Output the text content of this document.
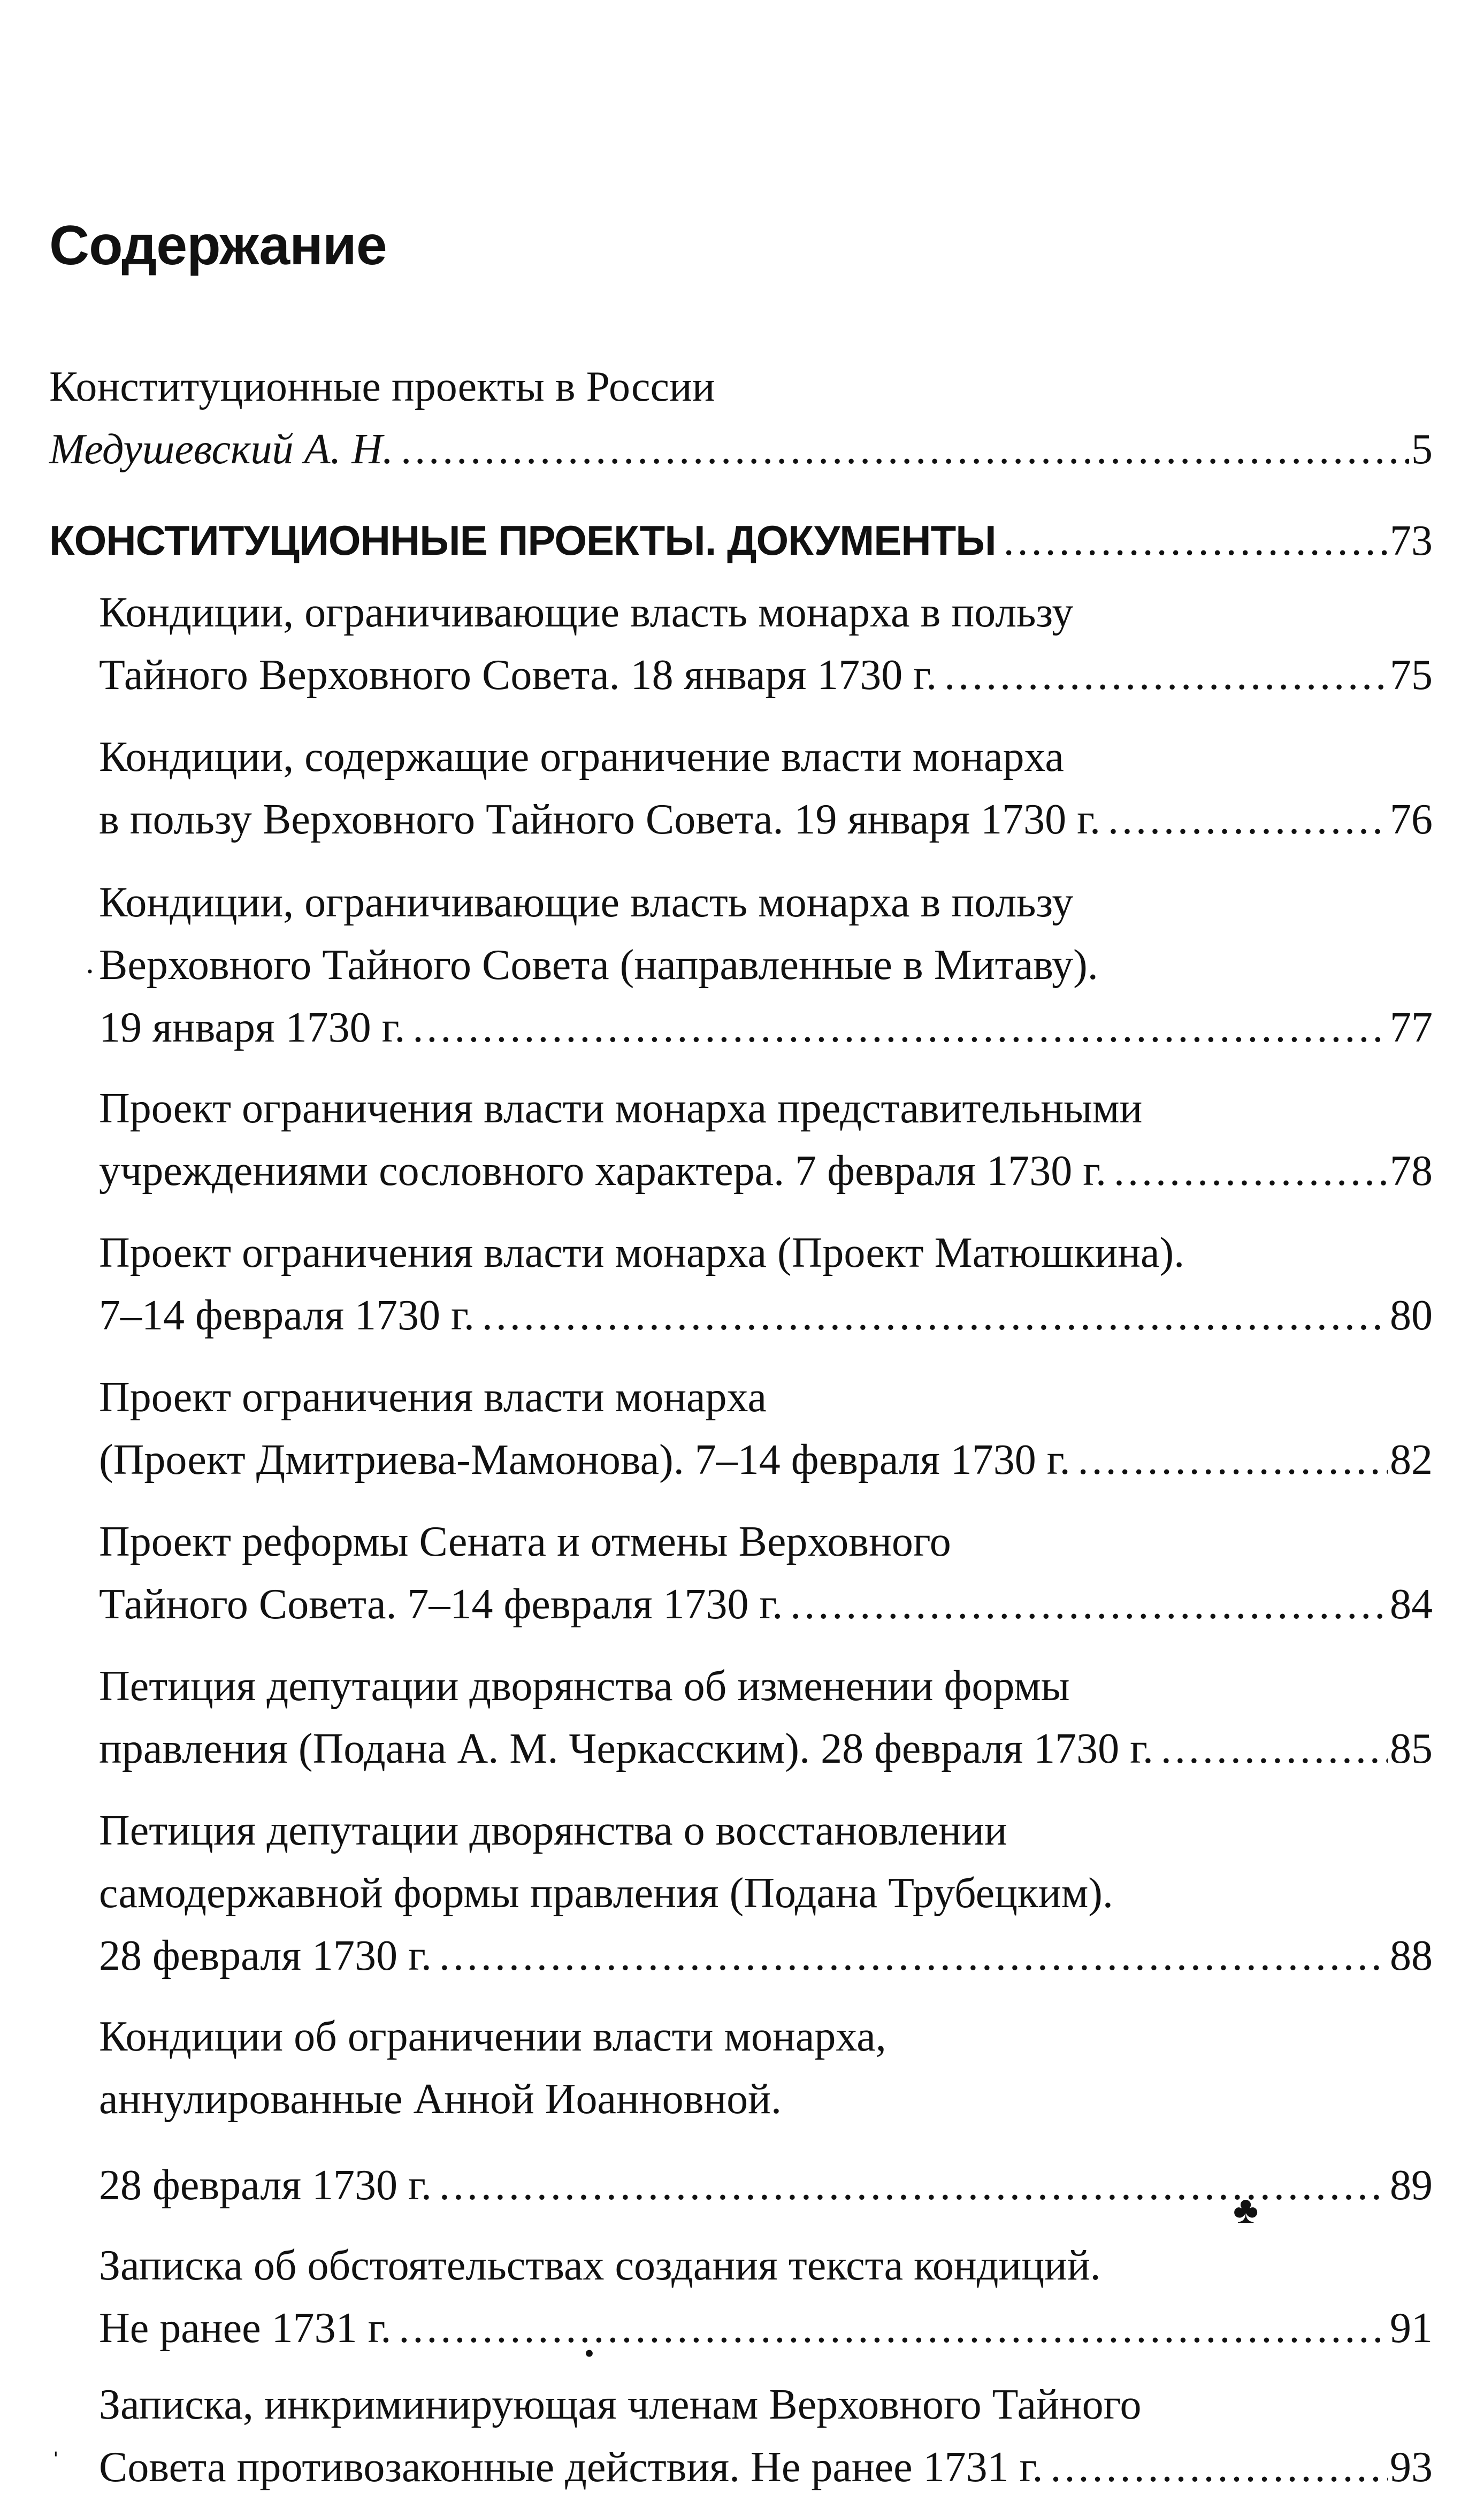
Содержание
Конституционные проекты в России
Медушевский А. Н. .....	5
КОНСТИТУЦИОННЫЕ ПРОЕКТЫ. ДОКУМЕНТЫ .....	73
Кондиции, ограничивающие власть монарха в пользу
Тайного Верховного Совета. 18 января 1730 г. .....	75
Кондиции, содержащие ограничение власти монарха
в пользу Верховного Тайного Совета. 19 января 1730 г. .....	76
Кондиции, ограничивающие власть монарха в пользу
Верховного Тайного Совета (направленные в Митаву).
19 января 1730 г. .....	77
·
Проект ограничения власти монарха представительными
учреждениями сословного характера. 7 февраля 1730 г. .....	78
Проект ограничения власти монарха (Проект Матюшкина).
7–14 февраля 1730 г. .....	80
Проект ограничения власти монарха
(Проект Дмитриева-Мамонова). 7–14 февраля 1730 г. .....	82
Проект реформы Сената и отмены Верховного
Тайного Совета. 7–14 февраля 1730 г. .....	84
Петиция депутации дворянства об изменении формы
правления (Подана А. М. Черкасским). 28 февраля 1730 г. .....	85
Петиция депутации дворянства о восстановлении
самодержавной формы правления (Подана Трубецким).
28 февраля 1730 г. .....	88
Кондиции об ограничении власти монарха,
аннулированные Анной Иоанновной.
28 февраля 1730 г. .....	89
♣
Записка об обстоятельствах создания текста кондиций.
Не ранее 1731 г. .....	91
•
Записка, инкриминирующая членам Верховного Тайного
Совета противозаконные действия. Не ранее 1731 г. .....	93
ˈ
